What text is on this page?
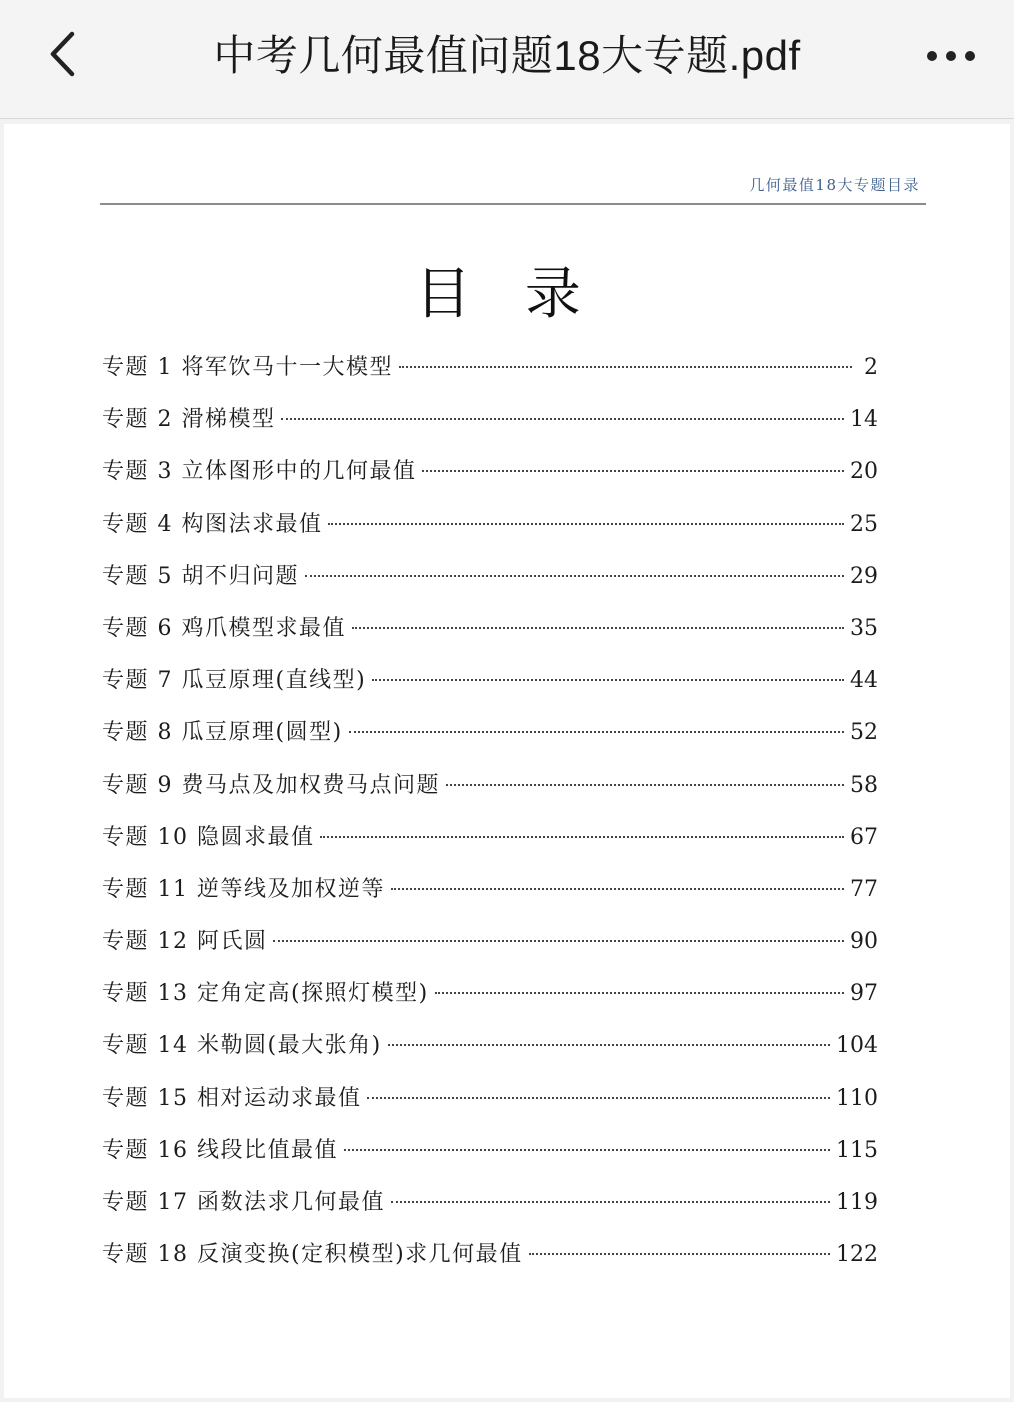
中考几何最值问题18大专题.pdf
几何最值18大专题目录
目 录
专题 1 将军饮马十一大模型	2
专题 2 滑梯模型	14
专题 3 立体图形中的几何最值	20
专题 4 构图法求最值	25
专题 5 胡不归问题	29
专题 6 鸡爪模型求最值	35
专题 7 瓜豆原理(直线型)	44
专题 8 瓜豆原理(圆型)	52
专题 9 费马点及加权费马点问题	58
专题 10 隐圆求最值	67
专题 11 逆等线及加权逆等	77
专题 12 阿氏圆	90
专题 13 定角定高(探照灯模型)	97
专题 14 米勒圆(最大张角)	104
专题 15 相对运动求最值	110
专题 16 线段比值最值	115
专题 17 函数法求几何最值	119
专题 18 反演变换(定积模型)求几何最值	122
